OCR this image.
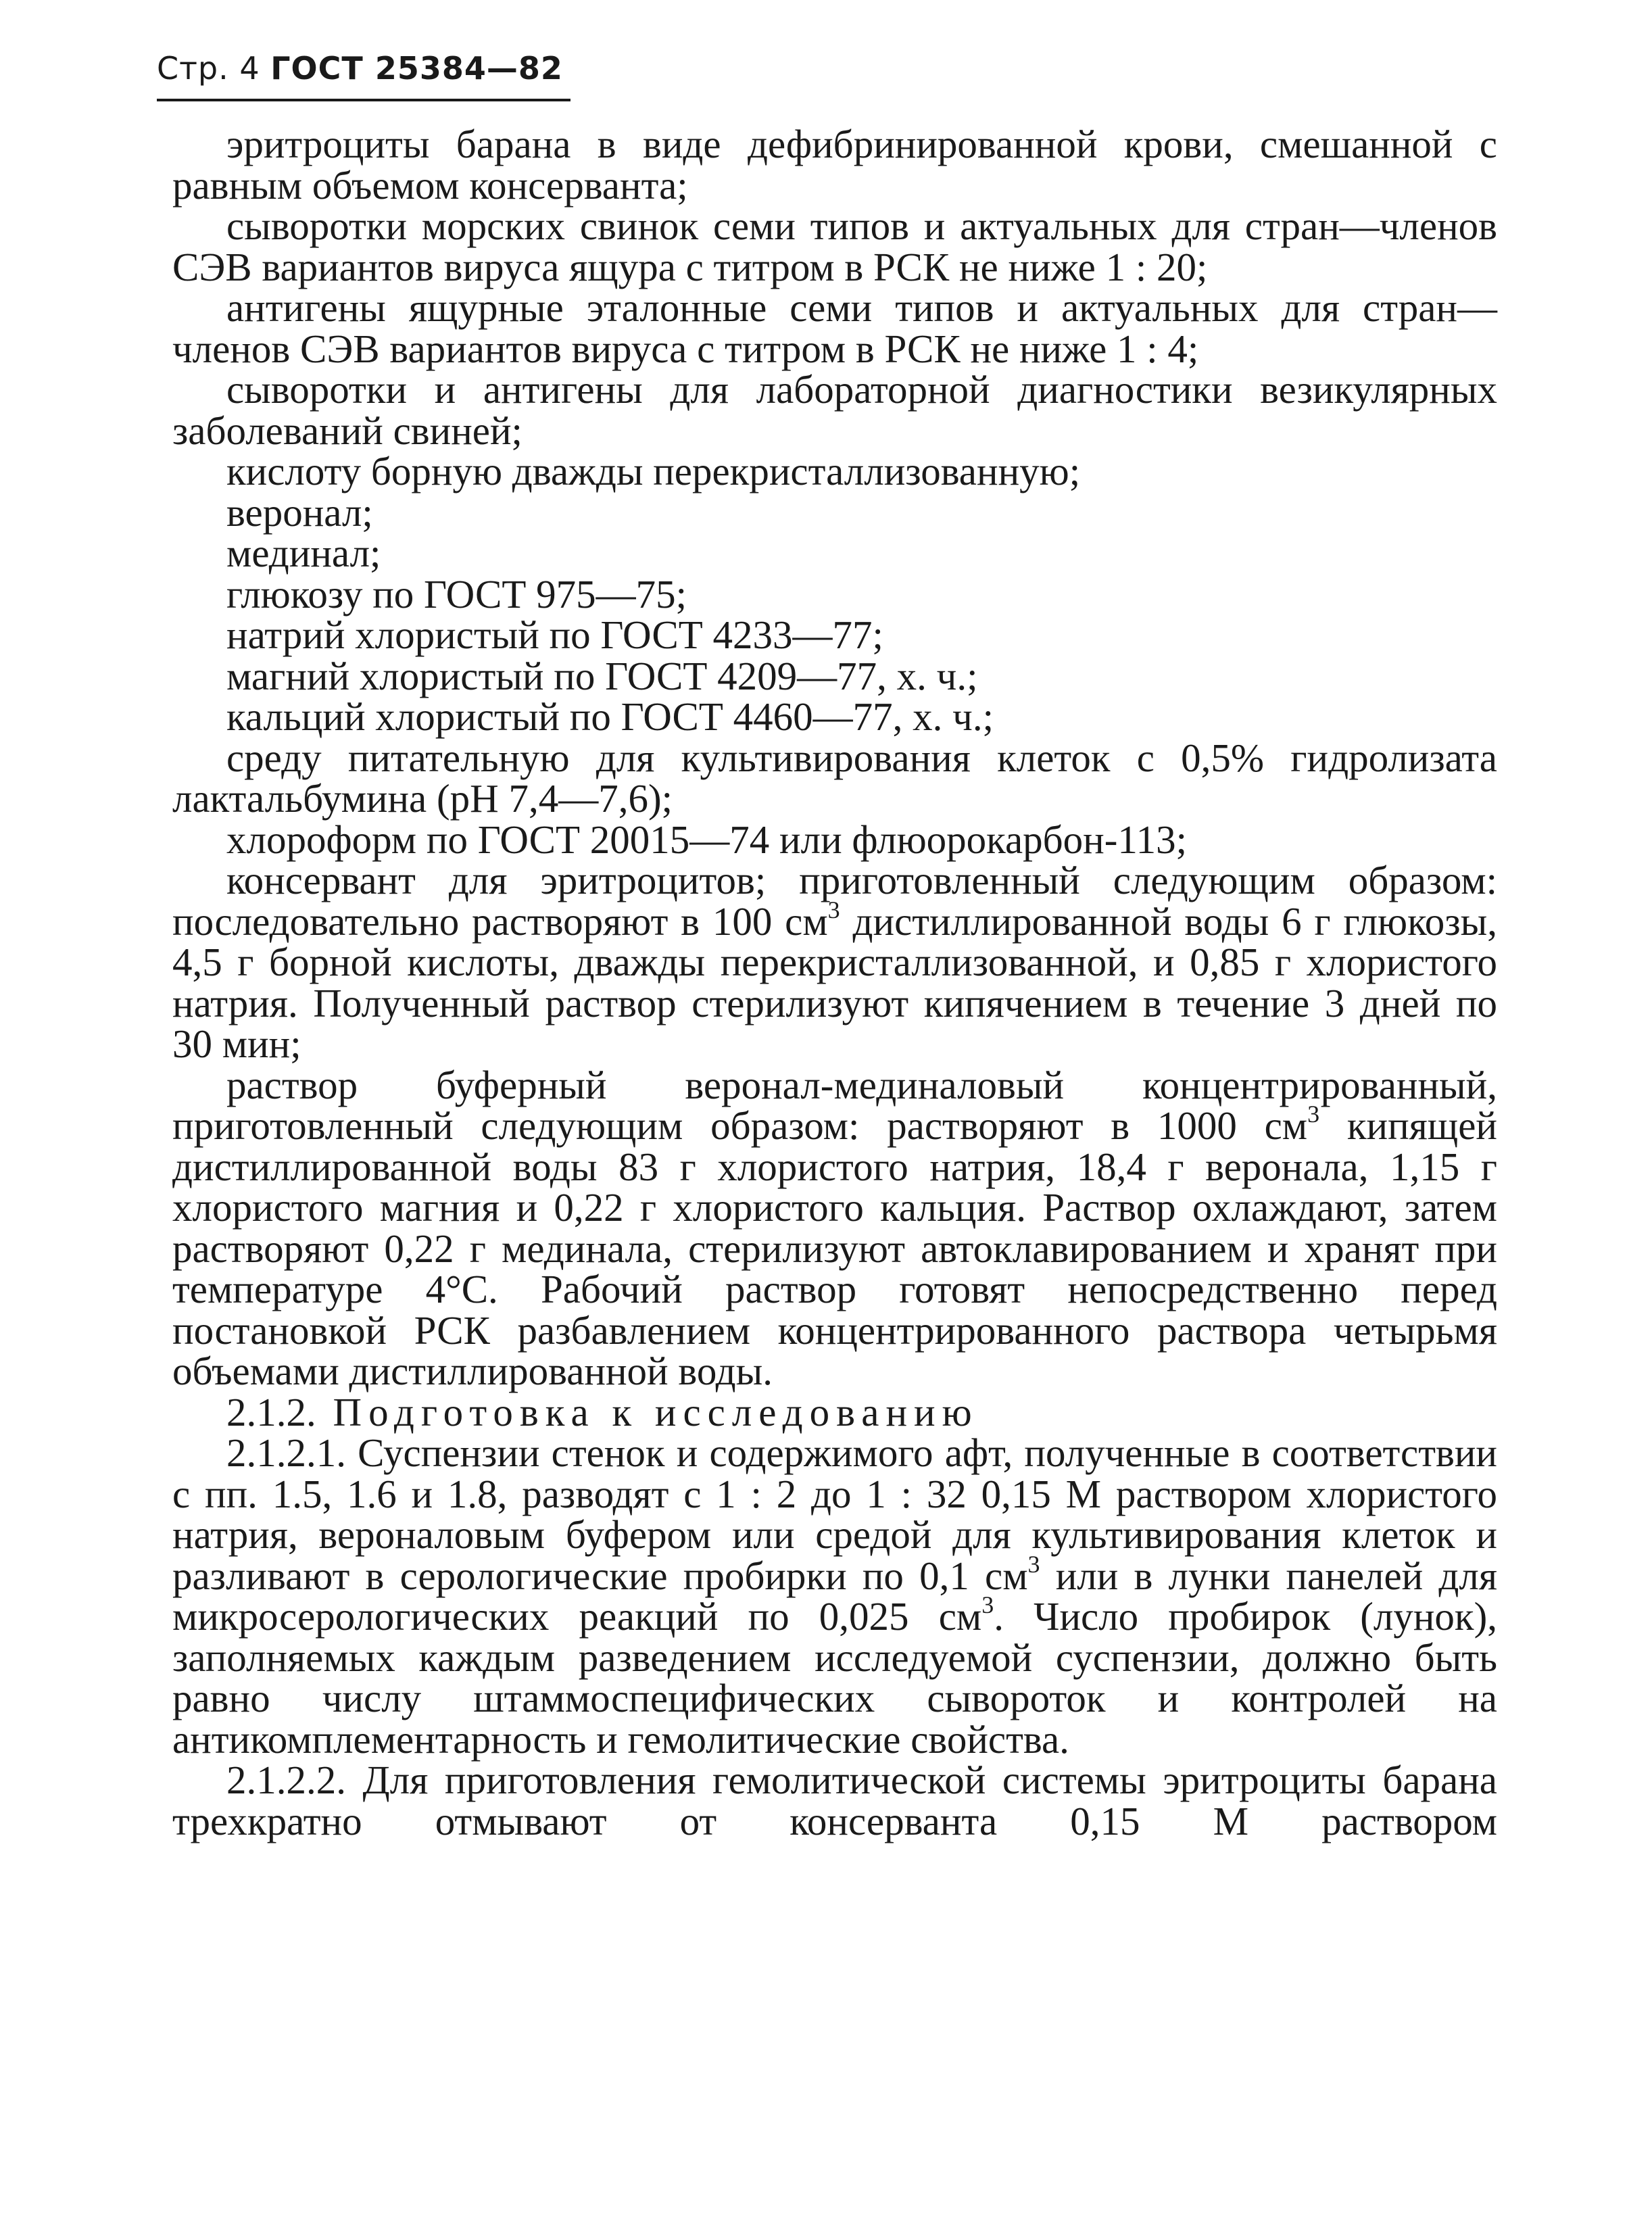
Стр. 4 ГОСТ 25384—82

эритроциты барана в виде дефибринированной крови, смешанной с равным объемом консерванта;

сыворотки морских свинок семи типов и актуальных для стран—членов СЭВ вариантов вируса ящура с титром в РСК не ниже 1 : 20;

антигены ящурные эталонные семи типов и актуальных для стран—членов СЭВ вариантов вируса с титром в РСК не ниже 1 : 4;

сыворотки и антигены для лабораторной диагностики везикулярных заболеваний свиней;

кислоту борную дважды перекристаллизованную;

веронал;

мединал;

глюкозу по ГОСТ 975—75;

натрий хлористый по ГОСТ 4233—77;

магний хлористый по ГОСТ 4209—77, х. ч.;

кальций хлористый по ГОСТ 4460—77, х. ч.;

среду питательную для культивирования клеток с 0,5% гидролизата лактальбумина (рН 7,4—7,6);

хлороформ по ГОСТ 20015—74 или флюорокарбон-113;

консервант для эритроцитов; приготовленный следующим образом: последовательно растворяют в 100 $см^3$ дистиллированной воды 6 г глюкозы, 4,5 г борной кислоты, дважды перекристаллизованной, и 0,85 г хлористого натрия. Полученный раствор стерилизуют кипячением в течение 3 дней по 30 мин;

раствор буферный веронал-мединаловый концентрированный, приготовленный следующим образом: растворяют в 1000 $см^3$ кипящей дистиллированной воды 83 г хлористого натрия, 18,4 г веронала, 1,15 г хлористого магния и 0,22 г хлористого кальция. Раствор охлаждают, затем растворяют 0,22 г мединала, стерилизуют автоклавированием и хранят при температуре 4°С. Рабочий раствор готовят непосредственно перед постановкой РСК разбавлением концентрированного раствора четырьмя объемами дистиллированной воды.

2.1.2. Подготовка к исследованию

2.1.2.1. Суспензии стенок и содержимого афт, полученные в соответствии с пп. 1.5, 1.6 и 1.8, разводят с 1 : 2 до 1 : 32 0,15 М раствором хлористого натрия, вероналовым буфером или средой для культивирования клеток и разливают в серологические пробирки по 0,1 $см^3$ или в лунки панелей для микросерологических реакций по 0,025 $см^3$. Число пробирок (лунок), заполняемых каждым разведением исследуемой суспензии, должно быть равно числу штаммоспецифических сывороток и контролей на антикомплементарность и гемолитические свойства.

2.1.2.2. Для приготовления гемолитической системы эритроциты барана трехкратно отмывают от консерванта 0,15 М раствором
